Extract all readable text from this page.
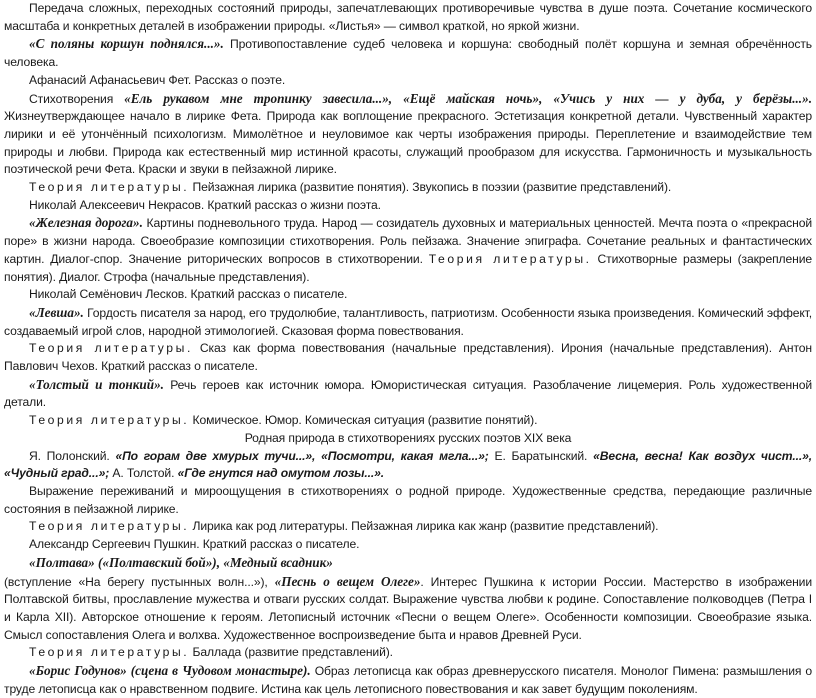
Передача сложных, переходных состояний природы, запечатлевающих противоречивые чувства в душе поэта. Сочетание космического масштаба и конкретных деталей в изображении природы. «Листья» — символ краткой, но яркой жизни.

«С поляны коршун поднялся...». Противопоставление судеб человека и коршуна: свободный полёт коршуна и земная обречённость человека.

Афанасий Афанасьевич Фет. Рассказ о поэте.

Стихотворения «Ель рукавом мне тропинку завесила...», «Ещё майская ночь», «Учись у них — у дуба, у берёзы...». Жизнеутверждающее начало в лирике Фета. Природа как воплощение прекрасного. Эстетизация конкретной детали. Чувственный характер лирики и её утончённый психологизм. Мимолётное и неуловимое как черты изображения природы. Переплетение и взаимодействие тем природы и любви. Природа как естественный мир истинной красоты, служащий прообразом для искусства. Гармоничность и музыкальность поэтической речи Фета. Краски и звуки в пейзажной лирике.

Теория литературы. Пейзажная лирика (развитие понятия). Звукопись в поэзии (развитие представлений).

Николай Алексеевич Некрасов. Краткий рассказ о жизни поэта.

«Железная дорога». Картины подневольного труда. Народ — созидатель духовных и материальных ценностей. Мечта поэта о «прекрасной поре» в жизни народа. Своеобразие композиции стихотворения. Роль пейзажа. Значение эпиграфа. Сочетание реальных и фантастических картин. Диалог-спор. Значение риторических вопросов в стихотворении. Теория литературы. Стихотворные размеры (закрепление понятия). Диалог. Строфа (начальные представления).

Николай Семёнович Лесков. Краткий рассказ о писателе.

«Левша». Гордость писателя за народ, его трудолюбие, талантливость, патриотизм. Особенности языка произведения. Комический эффект, создаваемый игрой слов, народной этимологией. Сказовая форма повествования.

Теория литературы. Сказ как форма повествования (начальные представления). Ирония (начальные представления). Антон Павлович Чехов. Краткий рассказ о писателе.

«Толстый и тонкий». Речь героев как источник юмора. Юмористическая ситуация. Разоблачение лицемерия. Роль художественной детали.

Теория литературы. Комическое. Юмор. Комическая ситуация (развитие понятий).

Родная природа в стихотворениях русских поэтов XIX века

Я. Полонский. «По горам две хмурых тучи...», «Посмотри, какая мгла...»; Е. Баратынский. «Весна, весна! Как воздух чист...», «Чудный град...»; А. Толстой. «Где гнутся над омутом лозы...».

Выражение переживаний и мироощущения в стихотворениях о родной природе. Художественные средства, передающие различные состояния в пейзажной лирике.

Теория литературы. Лирика как род литературы. Пейзажная лирика как жанр (развитие представлений).

Александр Сергеевич Пушкин. Краткий рассказ о писателе.

«Полтава» («Полтавский бой»), «Медный всадник»

(вступление «На берегу пустынных волн...»), «Песнь о вещем Олеге». Интерес Пушкина к истории России. Мастерство в изображении Полтавской битвы, прославление мужества и отваги русских солдат. Выражение чувства любви к родине. Сопоставление полководцев (Петра I и Карла XII). Авторское отношение к героям. Летописный источник «Песни о вещем Олеге». Особенности композиции. Своеобразие языка. Смысл сопоставления Олега и волхва. Художественное воспроизведение быта и нравов Древней Руси.

Теория литературы. Баллада (развитие представлений).

«Борис Годунов» (сцена в Чудовом монастыре). Образ летописца как образ древнерусского писателя. Монолог Пимена: размышления о труде летописца как о нравственном подвиге. Истина как цель летописного повествования и как завет будущим поколениям.
